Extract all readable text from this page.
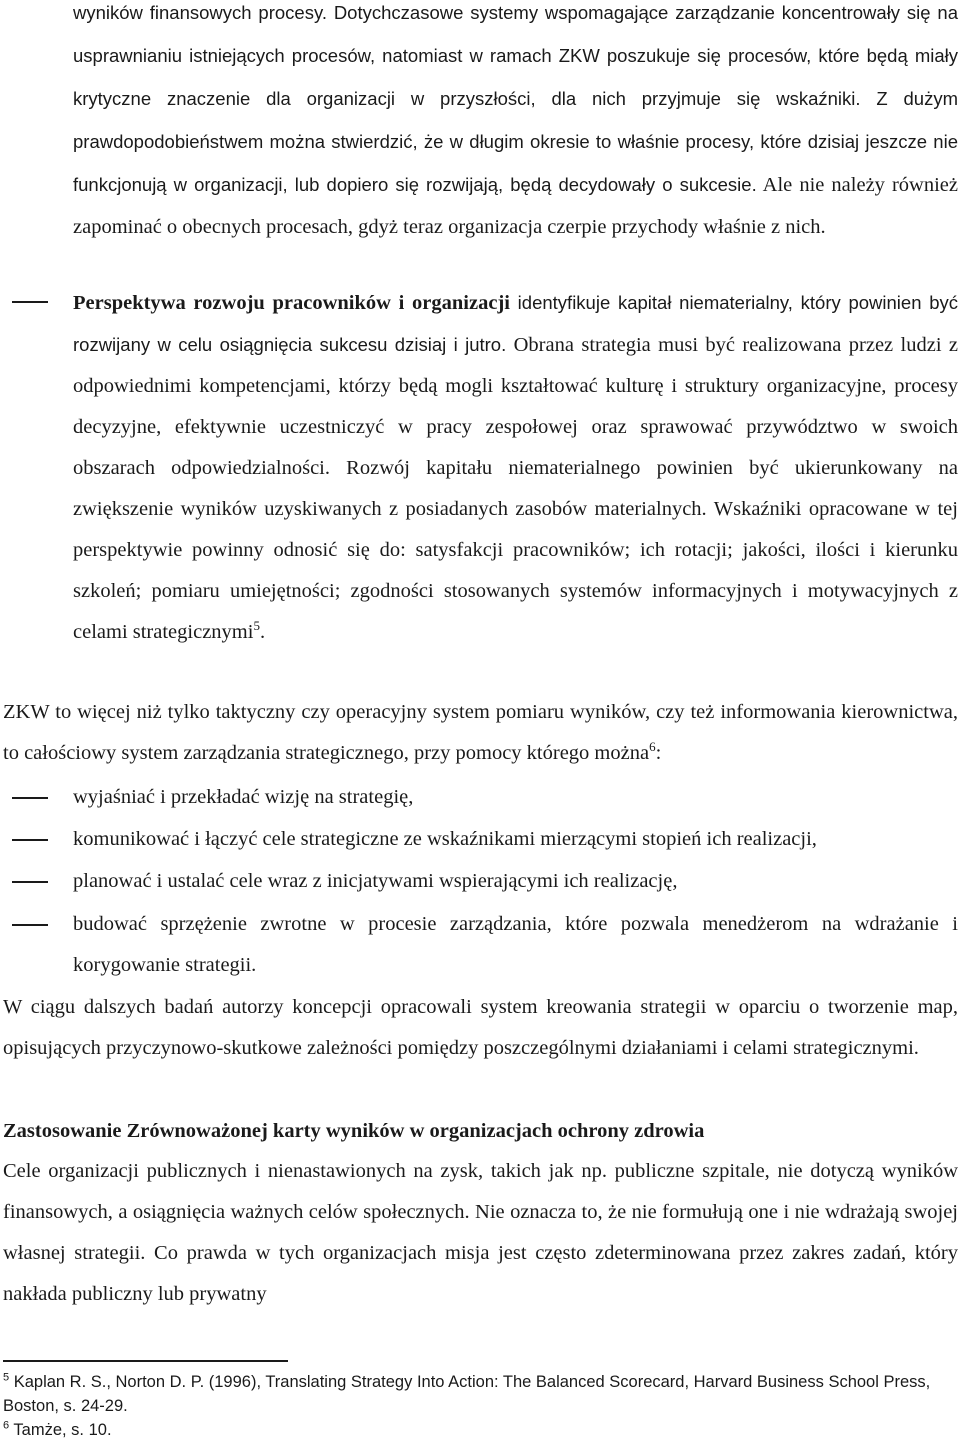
wyników finansowych procesy. Dotychczasowe systemy wspomagające zarządzanie koncentrowały się na usprawnianiu istniejących procesów, natomiast w ramach ZKW poszukuje się procesów, które będą miały krytyczne znaczenie dla organizacji w przyszłości, dla nich przyjmuje się wskaźniki. Z dużym prawdopodobieństwem można stwierdzić, że w długim okresie to właśnie procesy, które dzisiaj jeszcze nie funkcjonują w organizacji, lub dopiero się rozwijają, będą decydowały o sukcesie. Ale nie należy również zapominać o obecnych procesach, gdyż teraz organizacja czerpie przychody właśnie z nich.

Perspektywa rozwoju pracowników i organizacji identyfikuje kapitał niematerialny, który powinien być rozwijany w celu osiągnięcia sukcesu dzisiaj i jutro. Obrana strategia musi być realizowana przez ludzi z odpowiednimi kompetencjami, którzy będą mogli kształtować kulturę i struktury organizacyjne, procesy decyzyjne, efektywnie uczestniczyć w pracy zespołowej oraz sprawować przywództwo w swoich obszarach odpowiedzialności. Rozwój kapitału niematerialnego powinien być ukierunkowany na zwiększenie wyników uzyskiwanych z posiadanych zasobów materialnych. Wskaźniki opracowane w tej perspektywie powinny odnosić się do: satysfakcji pracowników; ich rotacji; jakości, ilości i kierunku szkoleń; pomiaru umiejętności; zgodności stosowanych systemów informacyjnych i motywacyjnych z celami strategicznymi$^5$.

ZKW to więcej niż tylko taktyczny czy operacyjny system pomiaru wyników, czy też informowania kierownictwa, to całościowy system zarządzania strategicznego, przy pomocy którego można$^6$:

wyjaśniać i przekładać wizję na strategię,

komunikować i łączyć cele strategiczne ze wskaźnikami mierzącymi stopień ich realizacji,

planować i ustalać cele wraz z inicjatywami wspierającymi ich realizację,

budować sprzężenie zwrotne w procesie zarządzania, które pozwala menedżerom na wdrażanie i korygowanie strategii.

W ciągu dalszych badań autorzy koncepcji opracowali system kreowania strategii w oparciu o tworzenie map, opisujących przyczynowo-skutkowe zależności pomiędzy poszczególnymi działaniami i celami strategicznymi.

Zastosowanie Zrównoważonej karty wyników w organizacjach ochrony zdrowia

Cele organizacji publicznych i nienastawionych na zysk, takich jak np. publiczne szpitale, nie dotyczą wyników finansowych, a osiągnięcia ważnych celów społecznych. Nie oznacza to, że nie formułują one i nie wdrażają swojej własnej strategii. Co prawda w tych organizacjach misja jest często zdeterminowana przez zakres zadań, który nakłada publiczny lub prywatny

$^5$ Kaplan R. S., Norton D. P. (1996), Translating Strategy Into Action: The Balanced Scorecard, Harvard Business School Press, Boston, s. 24-29.

$^6$ Tamże, s. 10.
